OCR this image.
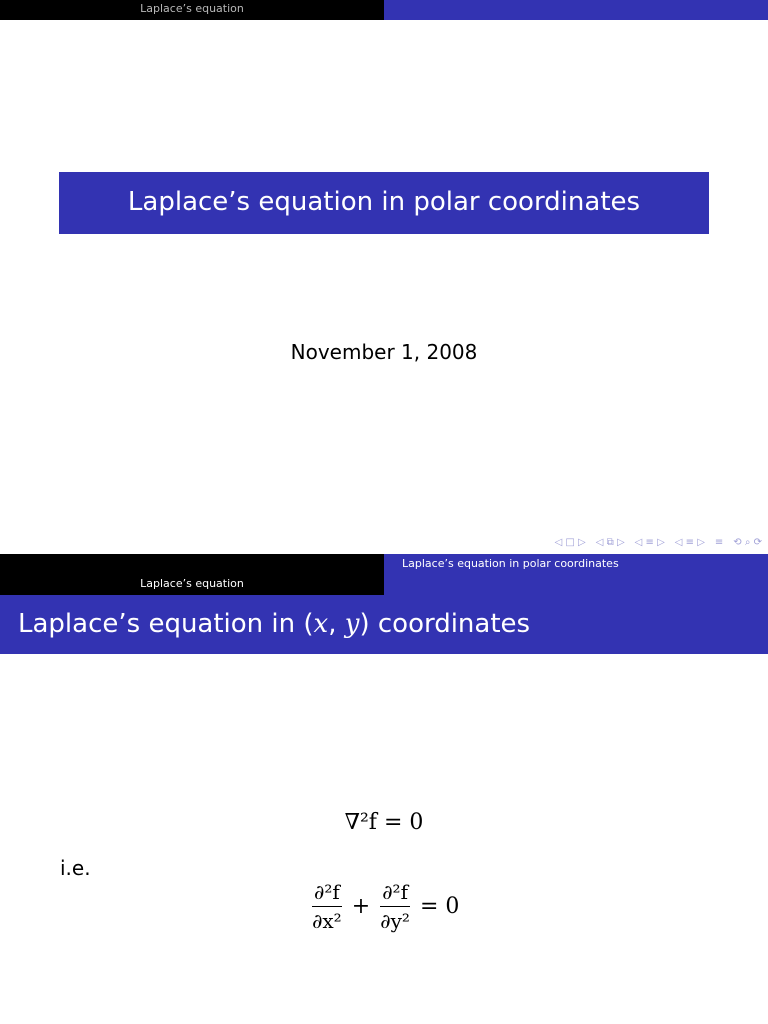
Laplace’s equation
Laplace’s equation in polar coordinates
November 1, 2008
◁ □ ▷ ◁ ⧉ ▷ ◁ ≡ ▷ ◁ ≡ ▷ ≡ ⟲ ⌕ ⟳
Laplace’s equation in polar coordinates
Laplace’s equation
Laplace’s equation in (x, y) coordinates
∇²f = 0
i.e.
$\frac{\text{∂²f}}{\text{∂x²}} + \frac{\text{∂²f}}{\text{∂y²}} = 0$
